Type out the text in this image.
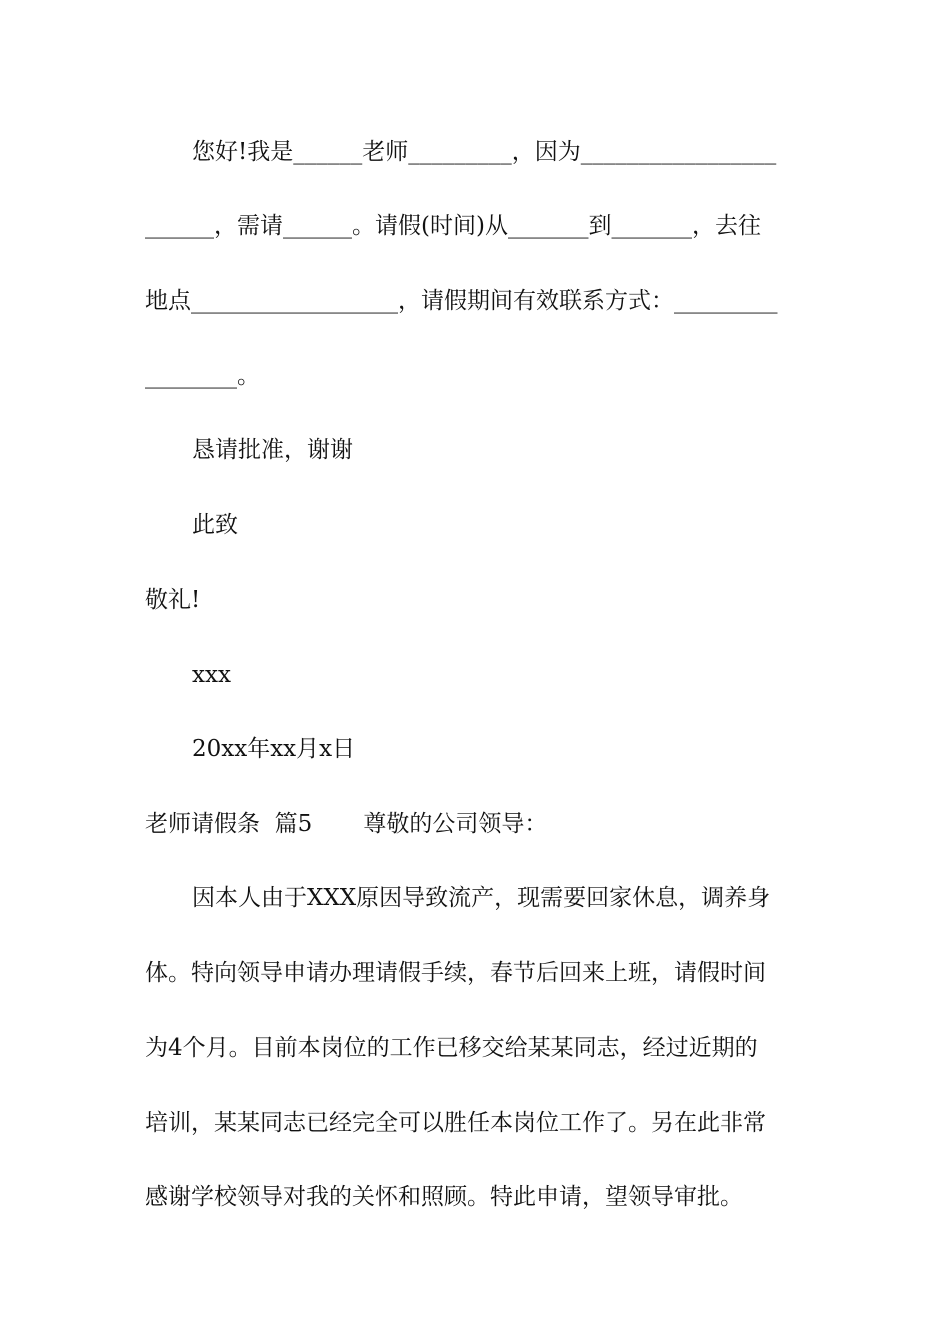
您好!我是______老师_________，因为_________________
______，需请______。请假(时间)从_______到_______，去往
地点__________________，请假期间有效联系方式：_________
________。
恳请批准，谢谢
此致
敬礼!
xxx
20xx年xx月x日
老师请假条  篇5       尊敬的公司领导：
因本人由于XXX原因导致流产，现需要回家休息，调养身
体。特向领导申请办理请假手续，春节后回来上班，请假时间
为4个月。目前本岗位的工作已移交给某某同志，经过近期的
培训，某某同志已经完全可以胜任本岗位工作了。另在此非常
感谢学校领导对我的关怀和照顾。特此申请，望领导审批。
